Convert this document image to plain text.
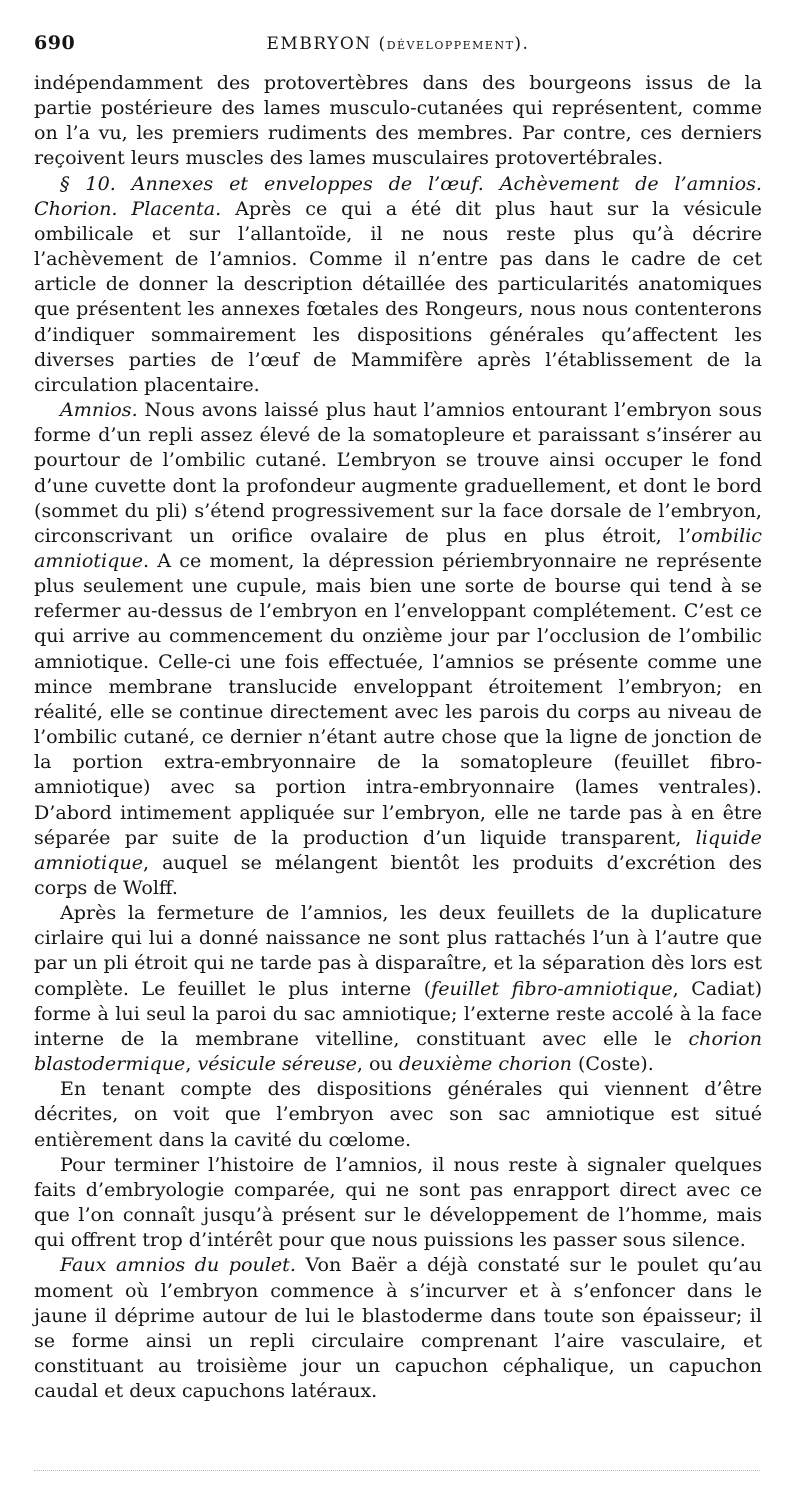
690	EMBRYON (DÉVELOPPEMENT).

indépendamment des protovertèbres dans des bourgeons issus de la partie postérieure des lames musculo-cutanées qui représentent, comme on l’a vu, les premiers rudiments des membres. Par contre, ces derniers reçoivent leurs muscles des lames musculaires protovertébrales.

§ 10. Annexes et enveloppes de l’œuf. Achèvement de l’amnios. Chorion. Placenta. Après ce qui a été dit plus haut sur la vésicule ombilicale et sur l’allantoïde, il ne nous reste plus qu’à décrire l’achèvement de l’amnios. Comme il n’entre pas dans le cadre de cet article de donner la description détaillée des particularités anatomiques que présentent les annexes fœtales des Rongeurs, nous nous contenterons d’indiquer sommairement les dispositions générales qu’affectent les diverses parties de l’œuf de Mammifère après l’établissement de la circulation placentaire.

Amnios. Nous avons laissé plus haut l’amnios entourant l’embryon sous forme d’un repli assez élevé de la somatopleure et paraissant s’insérer au pourtour de l’ombilic cutané. L’embryon se trouve ainsi occuper le fond d’une cuvette dont la profondeur augmente graduellement, et dont le bord (sommet du pli) s’étend progressivement sur la face dorsale de l’embryon, circonscrivant un orifice ovalaire de plus en plus étroit, l’ombilic amniotique. A ce moment, la dépression périembryonnaire ne représente plus seulement une cupule, mais bien une sorte de bourse qui tend à se refermer au-dessus de l’embryon en l’enveloppant complétement. C’est ce qui arrive au commencement du onzième jour par l’occlusion de l’ombilic amniotique. Celle-ci une fois effectuée, l’amnios se présente comme une mince membrane translucide enveloppant étroitement l’embryon; en réalité, elle se continue directement avec les parois du corps au niveau de l’ombilic cutané, ce dernier n’étant autre chose que la ligne de jonction de la portion extra-embryonnaire de la somatopleure (feuillet fibro-amniotique) avec sa portion intra-embryonnaire (lames ventrales). D’abord intimement appliquée sur l’embryon, elle ne tarde pas à en être séparée par suite de la production d’un liquide transparent, liquide amniotique, auquel se mélangent bientôt les produits d’excrétion des corps de Wolff.

Après la fermeture de l’amnios, les deux feuillets de la duplicature cirlaire qui lui a donné naissance ne sont plus rattachés l’un à l’autre que par un pli étroit qui ne tarde pas à disparaître, et la séparation dès lors est complète. Le feuillet le plus interne (feuillet fibro-amniotique, Cadiat) forme à lui seul la paroi du sac amniotique; l’externe reste accolé à la face interne de la membrane vitelline, constituant avec elle le chorion blastodermique, vésicule séreuse, ou deuxième chorion (Coste).

En tenant compte des dispositions générales qui viennent d’être décrites, on voit que l’embryon avec son sac amniotique est situé entièrement dans la cavité du cœlome.

Pour terminer l’histoire de l’amnios, il nous reste à signaler quelques faits d’embryologie comparée, qui ne sont pas enrapport direct avec ce que l’on connaît jusqu’à présent sur le développement de l’homme, mais qui offrent trop d’intérêt pour que nous puissions les passer sous silence.

Faux amnios du poulet. Von Baër a déjà constaté sur le poulet qu’au moment où l’embryon commence à s’incurver et à s’enfoncer dans le jaune il déprime autour de lui le blastoderme dans toute son épaisseur; il se forme ainsi un repli circulaire comprenant l’aire vasculaire, et constituant au troisième jour un capuchon céphalique, un capuchon caudal et deux capuchons latéraux.
